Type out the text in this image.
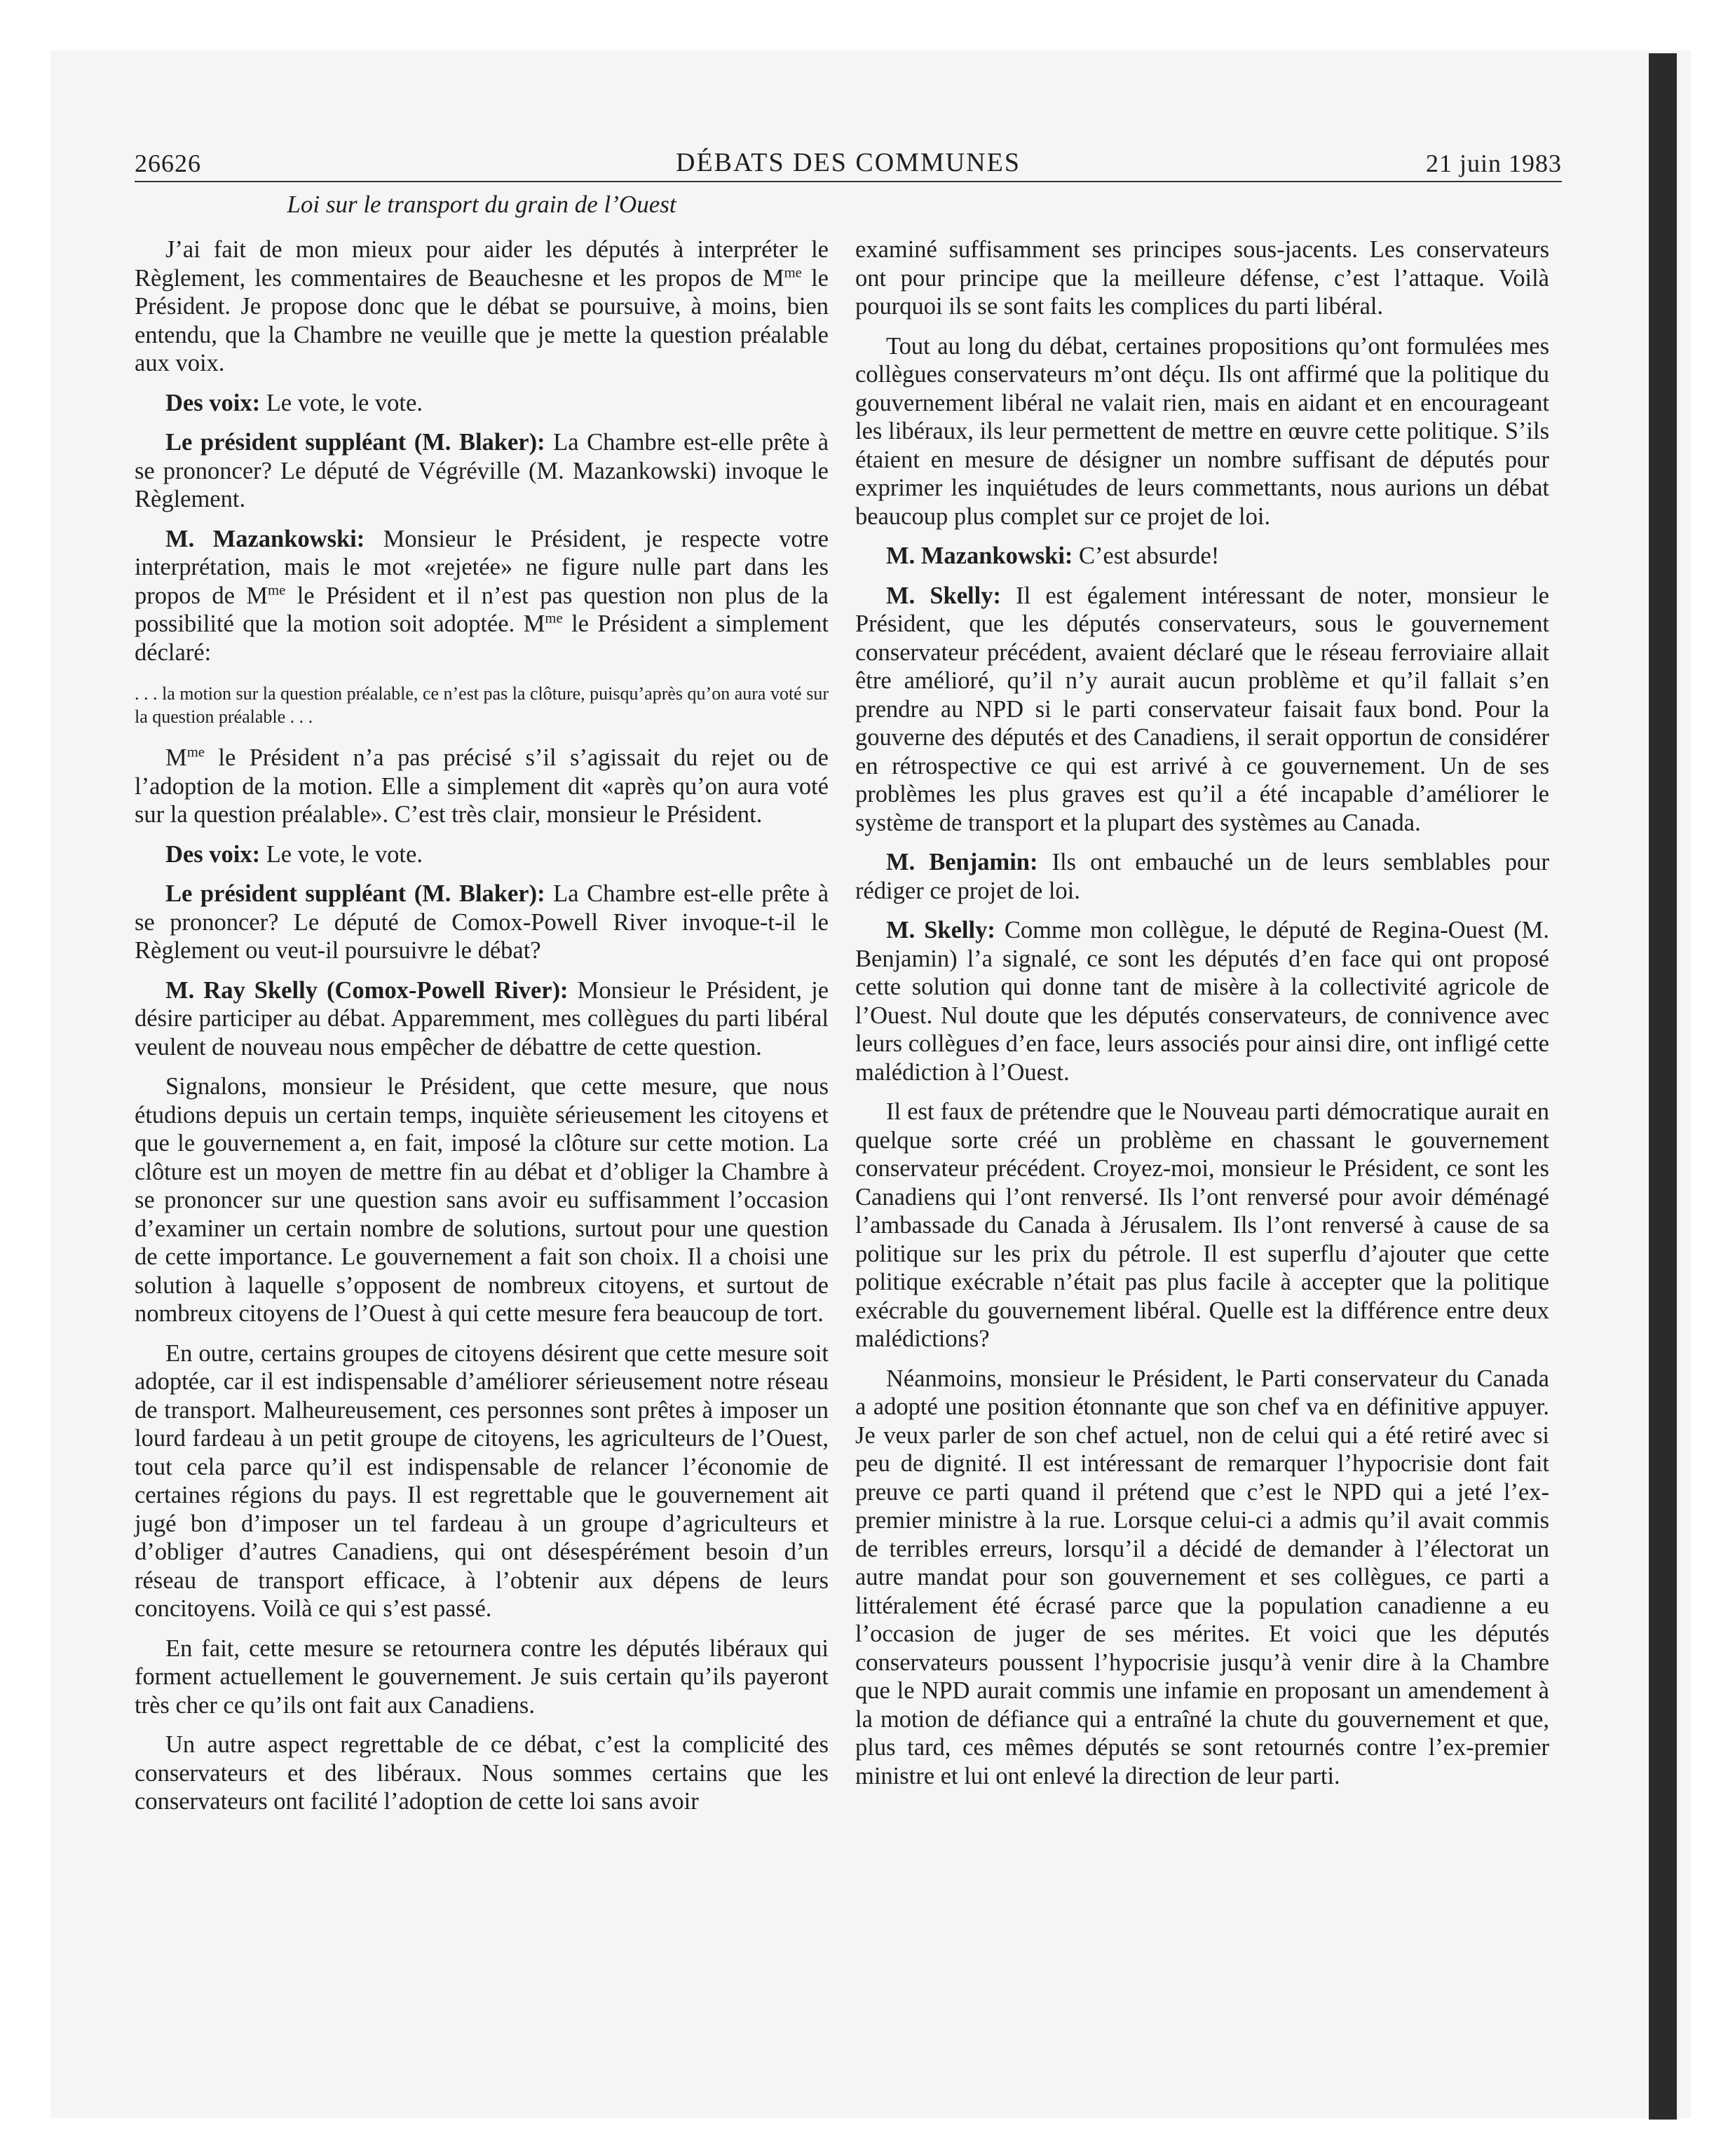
26626	DÉBATS DES COMMUNES	21 juin 1983
Loi sur le transport du grain de l’Ouest

J’ai fait de mon mieux pour aider les députés à interpréter le Règlement, les commentaires de Beauchesne et les propos de $M^{me}$ le Président. Je propose donc que le débat se poursuive, à moins, bien entendu, que la Chambre ne veuille que je mette la question préalable aux voix.

Des voix: Le vote, le vote.

Le président suppléant (M. Blaker): La Chambre est-elle prête à se prononcer? Le député de Végréville (M. Mazankowski) invoque le Règlement.

M. Mazankowski: Monsieur le Président, je respecte votre interprétation, mais le mot «rejetée» ne figure nulle part dans les propos de $M^{me}$ le Président et il n’est pas question non plus de la possibilité que la motion soit adoptée. $M^{me}$ le Président a simplement déclaré:

. . . la motion sur la question préalable, ce n’est pas la clôture, puisqu’après qu’on aura voté sur la question préalable . . .

$M^{me}$ le Président n’a pas précisé s’il s’agissait du rejet ou de l’adoption de la motion. Elle a simplement dit «après qu’on aura voté sur la question préalable». C’est très clair, monsieur le Président.

Des voix: Le vote, le vote.

Le président suppléant (M. Blaker): La Chambre est-elle prête à se prononcer? Le député de Comox-Powell River invoque-t-il le Règlement ou veut-il poursuivre le débat?

M. Ray Skelly (Comox-Powell River): Monsieur le Président, je désire participer au débat. Apparemment, mes collègues du parti libéral veulent de nouveau nous empêcher de débattre de cette question.

Signalons, monsieur le Président, que cette mesure, que nous étudions depuis un certain temps, inquiète sérieusement les citoyens et que le gouvernement a, en fait, imposé la clôture sur cette motion. La clôture est un moyen de mettre fin au débat et d’obliger la Chambre à se prononcer sur une question sans avoir eu suffisamment l’occasion d’examiner un certain nombre de solutions, surtout pour une question de cette importance. Le gouvernement a fait son choix. Il a choisi une solution à laquelle s’opposent de nombreux citoyens, et surtout de nombreux citoyens de l’Ouest à qui cette mesure fera beaucoup de tort.

En outre, certains groupes de citoyens désirent que cette mesure soit adoptée, car il est indispensable d’améliorer sérieusement notre réseau de transport. Malheureusement, ces personnes sont prêtes à imposer un lourd fardeau à un petit groupe de citoyens, les agriculteurs de l’Ouest, tout cela parce qu’il est indispensable de relancer l’économie de certaines régions du pays. Il est regrettable que le gouvernement ait jugé bon d’imposer un tel fardeau à un groupe d’agriculteurs et d’obliger d’autres Canadiens, qui ont désespérément besoin d’un réseau de transport efficace, à l’obtenir aux dépens de leurs concitoyens. Voilà ce qui s’est passé.

En fait, cette mesure se retournera contre les députés libéraux qui forment actuellement le gouvernement. Je suis certain qu’ils payeront très cher ce qu’ils ont fait aux Canadiens.

Un autre aspect regrettable de ce débat, c’est la complicité des conservateurs et des libéraux. Nous sommes certains que les conservateurs ont facilité l’adoption de cette loi sans avoir

examiné suffisamment ses principes sous-jacents. Les conservateurs ont pour principe que la meilleure défense, c’est l’attaque. Voilà pourquoi ils se sont faits les complices du parti libéral.

Tout au long du débat, certaines propositions qu’ont formulées mes collègues conservateurs m’ont déçu. Ils ont affirmé que la politique du gouvernement libéral ne valait rien, mais en aidant et en encourageant les libéraux, ils leur permettent de mettre en œuvre cette politique. S’ils étaient en mesure de désigner un nombre suffisant de députés pour exprimer les inquiétudes de leurs commettants, nous aurions un débat beaucoup plus complet sur ce projet de loi.

M. Mazankowski: C’est absurde!

M. Skelly: Il est également intéressant de noter, monsieur le Président, que les députés conservateurs, sous le gouvernement conservateur précédent, avaient déclaré que le réseau ferroviaire allait être amélioré, qu’il n’y aurait aucun problème et qu’il fallait s’en prendre au NPD si le parti conservateur faisait faux bond. Pour la gouverne des députés et des Canadiens, il serait opportun de considérer en rétrospective ce qui est arrivé à ce gouvernement. Un de ses problèmes les plus graves est qu’il a été incapable d’améliorer le système de transport et la plupart des systèmes au Canada.

M. Benjamin: Ils ont embauché un de leurs semblables pour rédiger ce projet de loi.

M. Skelly: Comme mon collègue, le député de Regina-Ouest (M. Benjamin) l’a signalé, ce sont les députés d’en face qui ont proposé cette solution qui donne tant de misère à la collectivité agricole de l’Ouest. Nul doute que les députés conservateurs, de connivence avec leurs collègues d’en face, leurs associés pour ainsi dire, ont infligé cette malédiction à l’Ouest.

Il est faux de prétendre que le Nouveau parti démocratique aurait en quelque sorte créé un problème en chassant le gouvernement conservateur précédent. Croyez-moi, monsieur le Président, ce sont les Canadiens qui l’ont renversé. Ils l’ont renversé pour avoir déménagé l’ambassade du Canada à Jérusalem. Ils l’ont renversé à cause de sa politique sur les prix du pétrole. Il est superflu d’ajouter que cette politique exécrable n’était pas plus facile à accepter que la politique exécrable du gouvernement libéral. Quelle est la différence entre deux malédictions?

Néanmoins, monsieur le Président, le Parti conservateur du Canada a adopté une position étonnante que son chef va en définitive appuyer. Je veux parler de son chef actuel, non de celui qui a été retiré avec si peu de dignité. Il est intéressant de remarquer l’hypocrisie dont fait preuve ce parti quand il prétend que c’est le NPD qui a jeté l’ex-premier ministre à la rue. Lorsque celui-ci a admis qu’il avait commis de terribles erreurs, lorsqu’il a décidé de demander à l’électorat un autre mandat pour son gouvernement et ses collègues, ce parti a littéralement été écrasé parce que la population canadienne a eu l’occasion de juger de ses mérites. Et voici que les députés conservateurs poussent l’hypocrisie jusqu’à venir dire à la Chambre que le NPD aurait commis une infamie en proposant un amendement à la motion de défiance qui a entraîné la chute du gouvernement et que, plus tard, ces mêmes députés se sont retournés contre l’ex-premier ministre et lui ont enlevé la direction de leur parti.
